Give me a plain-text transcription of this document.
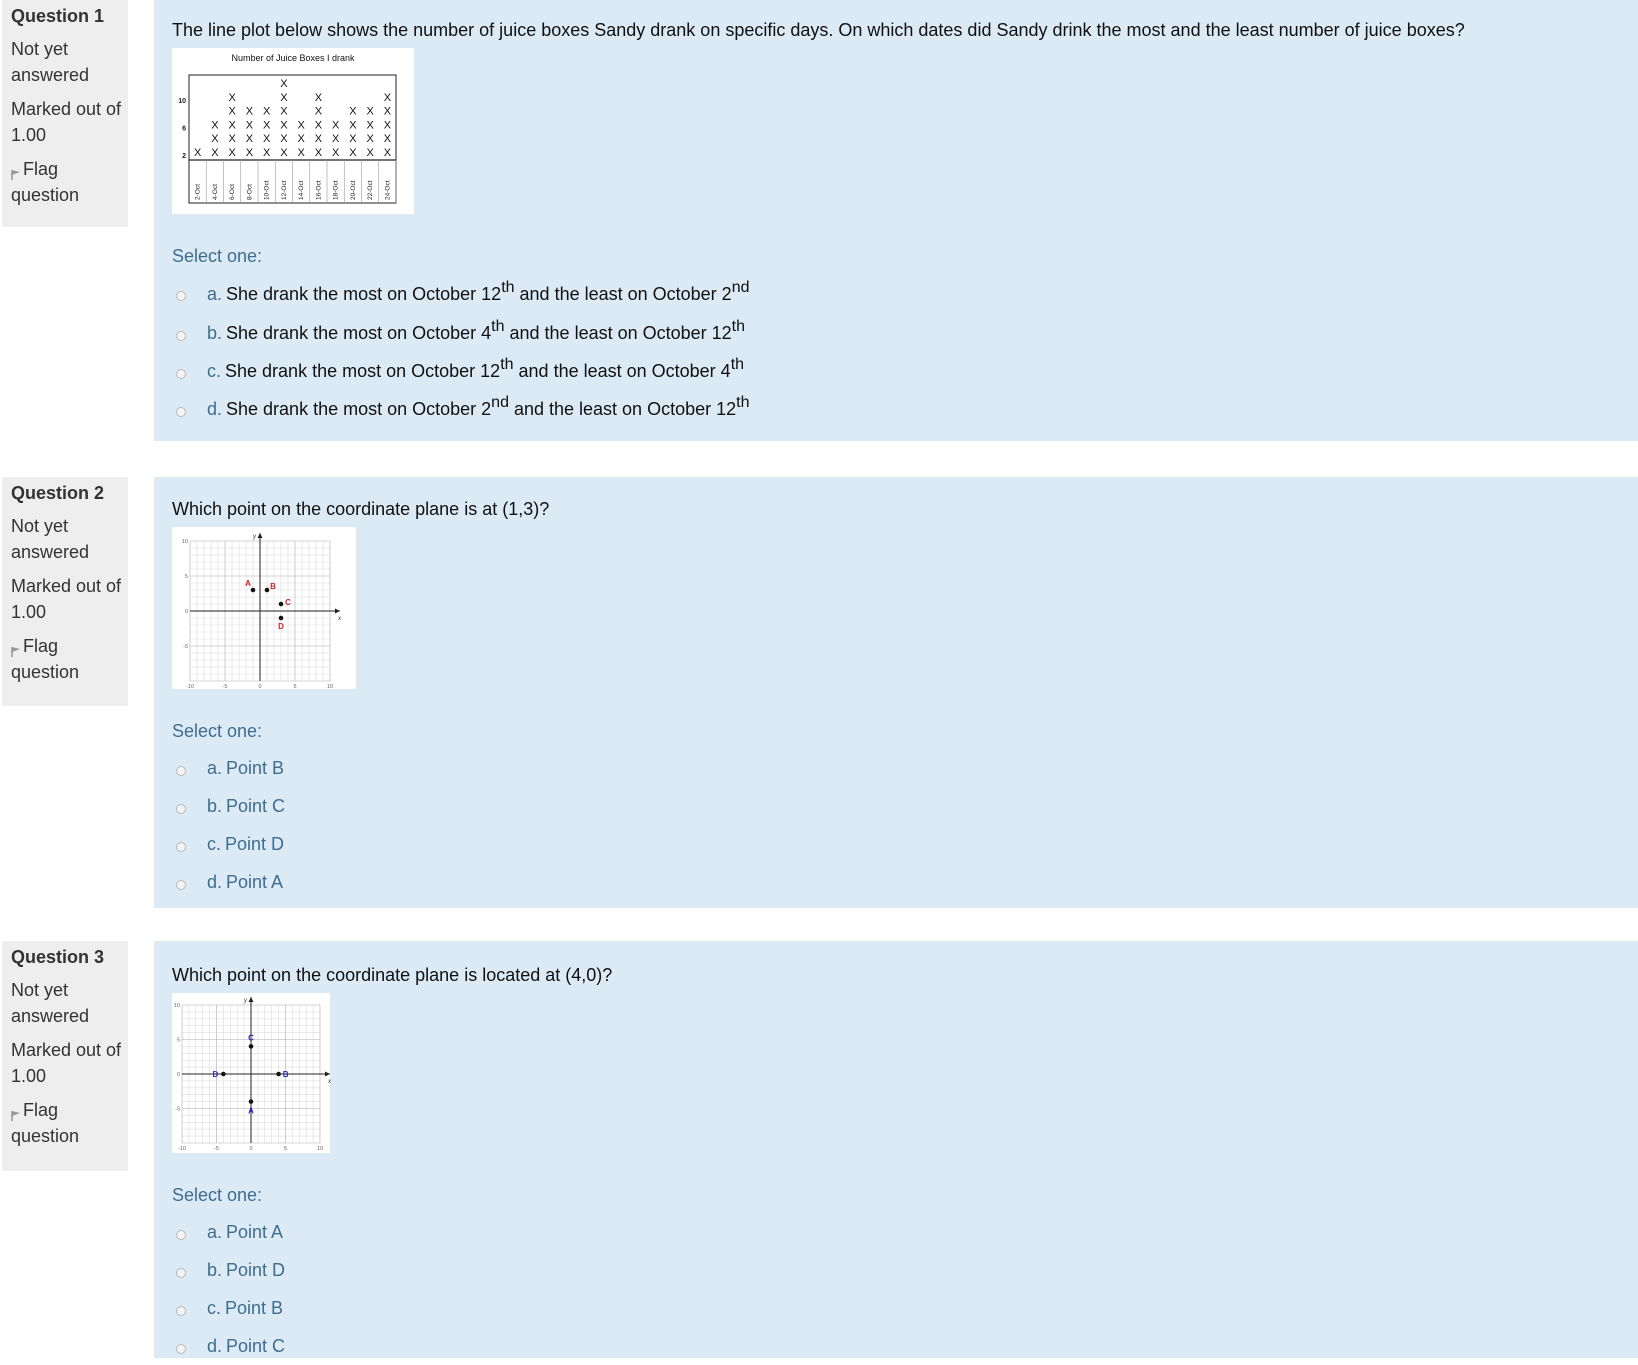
Question 1
Not yet answered
Marked out of 1.00
Flag question
The line plot below shows the number of juice boxes Sandy drank on specific days. On which dates did Sandy drink the most and the least number of juice boxes?
Number of Juice Boxes I drank
2-Oct
X
4-Oct
X
X
X
6-Oct
X
X
X
X
X
8-Oct
X
X
X
X
10-Oct
X
X
X
X
12-Oct
X
X
X
X
X
X
14-Oct
X
X
X
16-Oct
X
X
X
X
X
18-Oct
X
X
X
20-Oct
X
X
X
X
22-Oct
X
X
X
X
24-Oct
X
X
X
X
X
10
6
2
Select one:
a. She drank the most on October 12th and the least on October 2nd
b. She drank the most on October 4th and the least on October 12th
c. She drank the most on October 12th and the least on October 4th
d. She drank the most on October 2nd and the least on October 12th
Question 2
Not yet answered
Marked out of 1.00
Flag question
Which point on the coordinate plane is at (1,3)?
x
y
-10	-5	0	5	10
-5
0
5
10
A B
C
D
Select one:
a. Point B
b. Point C
c. Point D
d. Point A
Question 3
Not yet answered
Marked out of 1.00
Flag question
Which point on the coordinate plane is located at (4,0)?
x
y
-10	-5	0	5	10
-5
0
5
10
A
B
C
D
Select one:
a. Point A
b. Point D
c. Point B
d. Point C
